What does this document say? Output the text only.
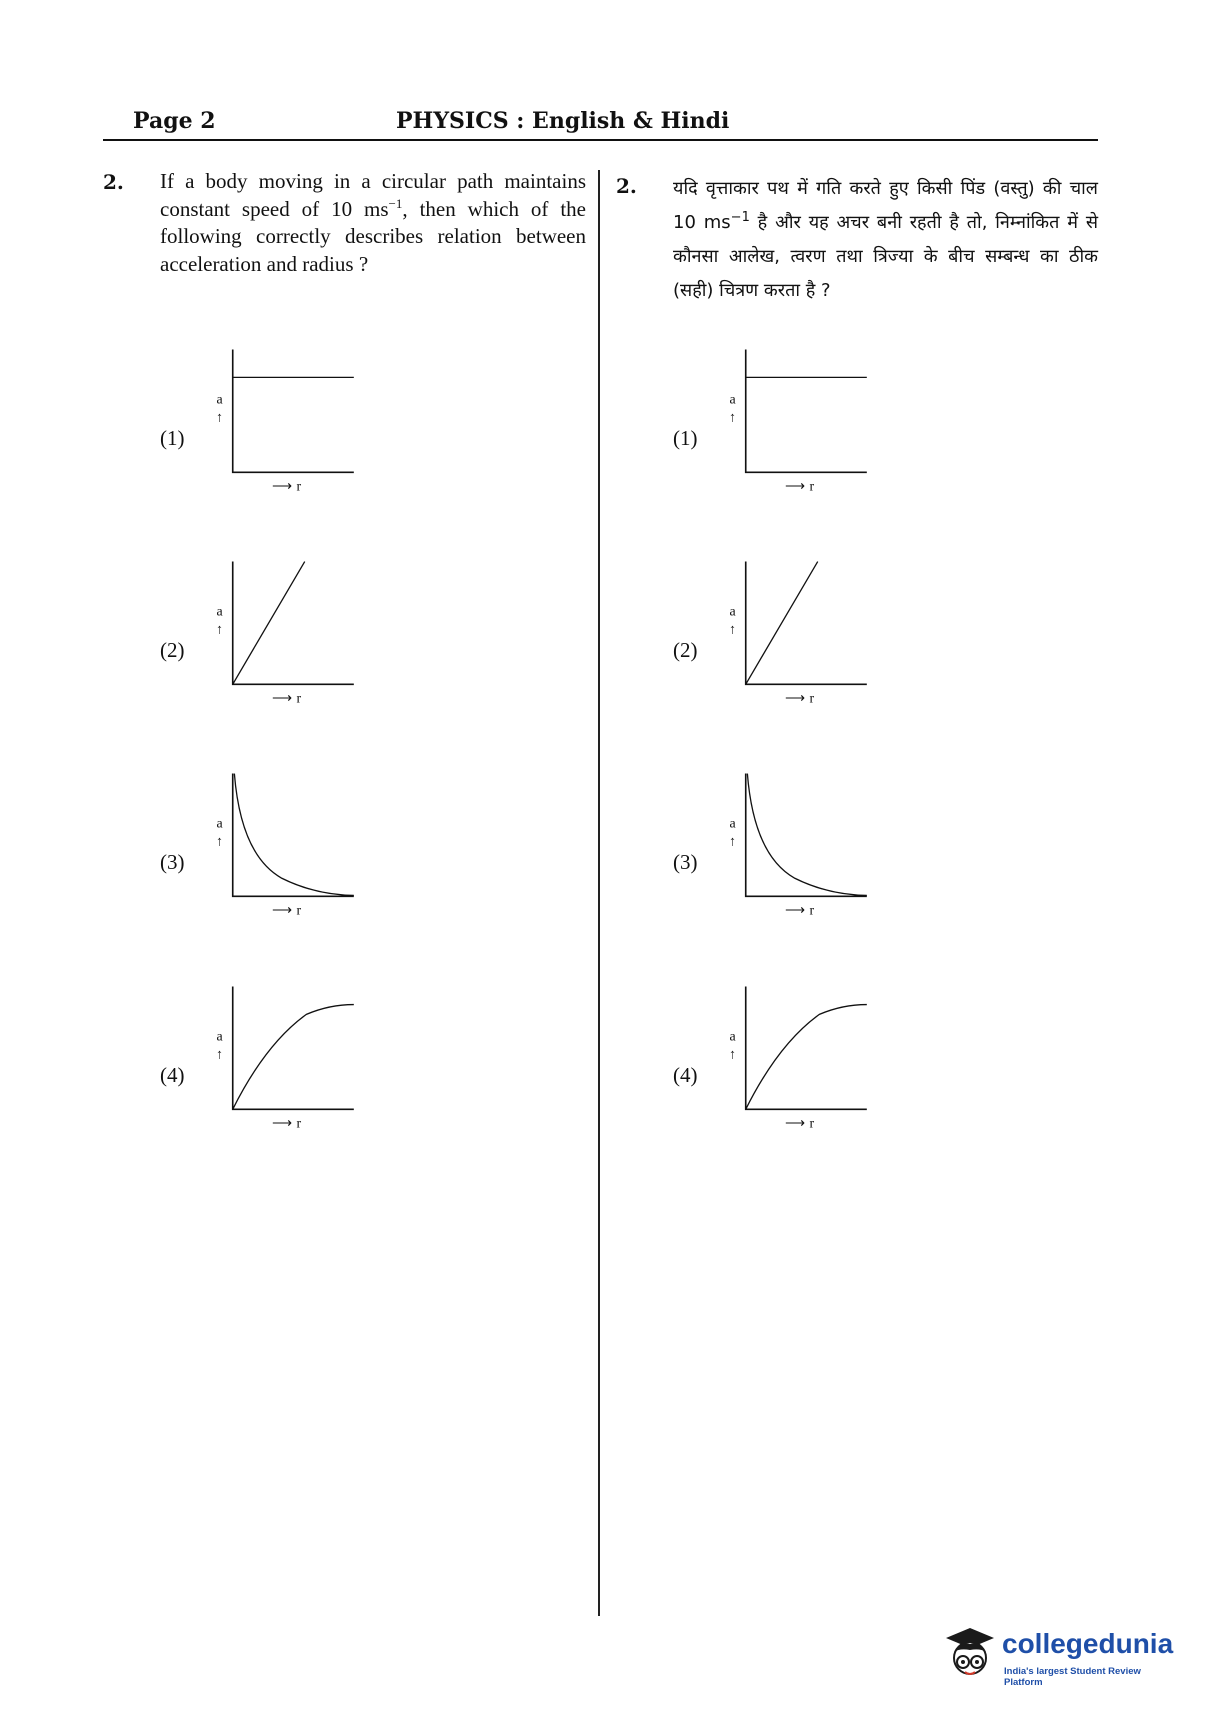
Page 2	PHYSICS : English & Hindi
2. If a body moving in a circular path maintains constant speed of 10 $ms^{-1}$, then which of the following correctly describes relation between acceleration and radius ?
2. यदि वृत्ताकार पथ में गति करते हुए किसी पिंड (वस्तु) की चाल 10 $ms^{-1}$ है और यह अचर बनी रहती है तो, निम्नांकित में से कौनसा आलेख, त्वरण तथा त्रिज्या के बीच सम्बन्ध का ठीक (सही) चित्रण करता है ?
(1)
a
↑
⟶ r
(2)
a
↑
⟶ r
(3)
a
↑
⟶ r
(4)
a
↑
⟶ r
(1)
a
↑
⟶ r
(2)
a
↑
⟶ r
(3)
a
↑
⟶ r
(4)
a
↑
⟶ r
collegedunia
India's largest Student Review Platform
